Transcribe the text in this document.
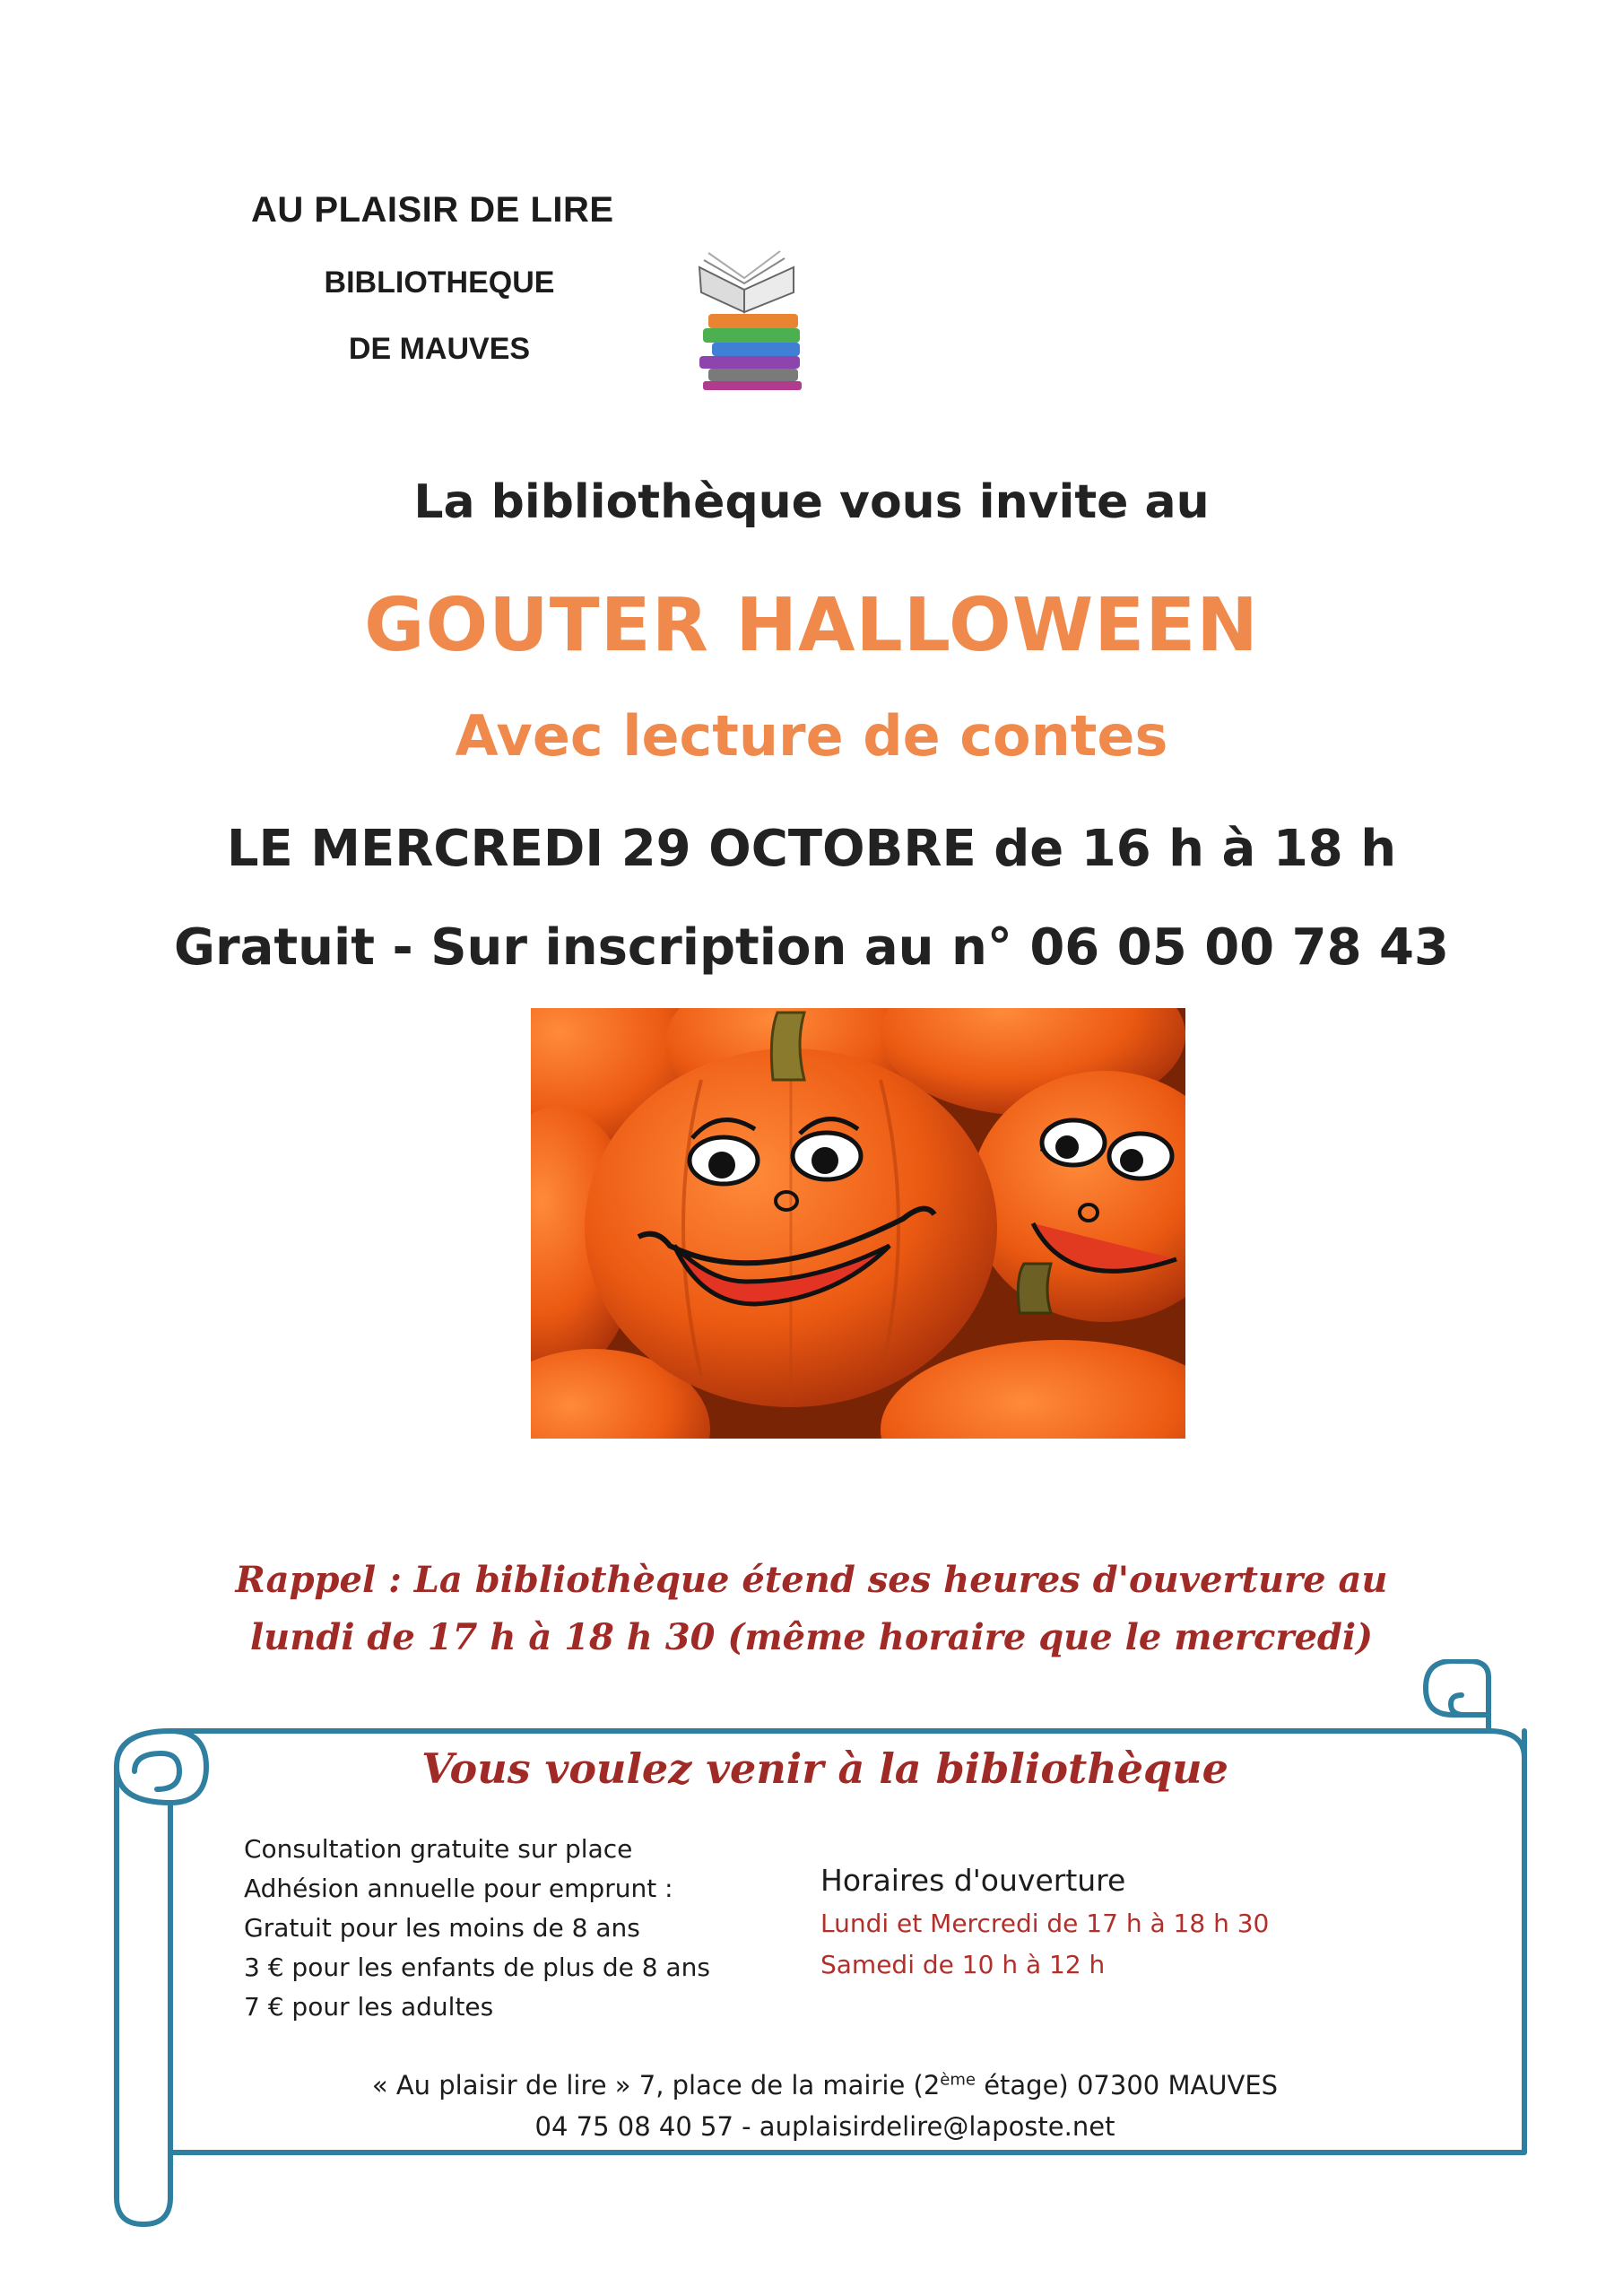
AU PLAISIR DE LIRE
BIBLIOTHEQUE
DE MAUVES
La bibliothèque vous invite au
GOUTER HALLOWEEN
Avec lecture de contes
LE MERCREDI 29 OCTOBRE de 16 h à 18 h
Gratuit - Sur inscription au n° 06 05 00 78 43
Rappel : La bibliothèque étend ses heures d'ouverture au
lundi de 17 h à 18 h 30 (même horaire que le mercredi)
Vous voulez venir à la bibliothèque
Consultation gratuite sur place
Adhésion annuelle pour emprunt :
Gratuit pour les moins de 8 ans
3 € pour les enfants de plus de 8 ans
7 € pour les adultes
Horaires d'ouverture
Lundi et Mercredi de 17 h à 18 h 30
Samedi de 10 h à 12 h
« Au plaisir de lire » 7, place de la mairie (2ème étage) 07300 MAUVES
04 75 08 40 57 - auplaisirdelire@laposte.net
